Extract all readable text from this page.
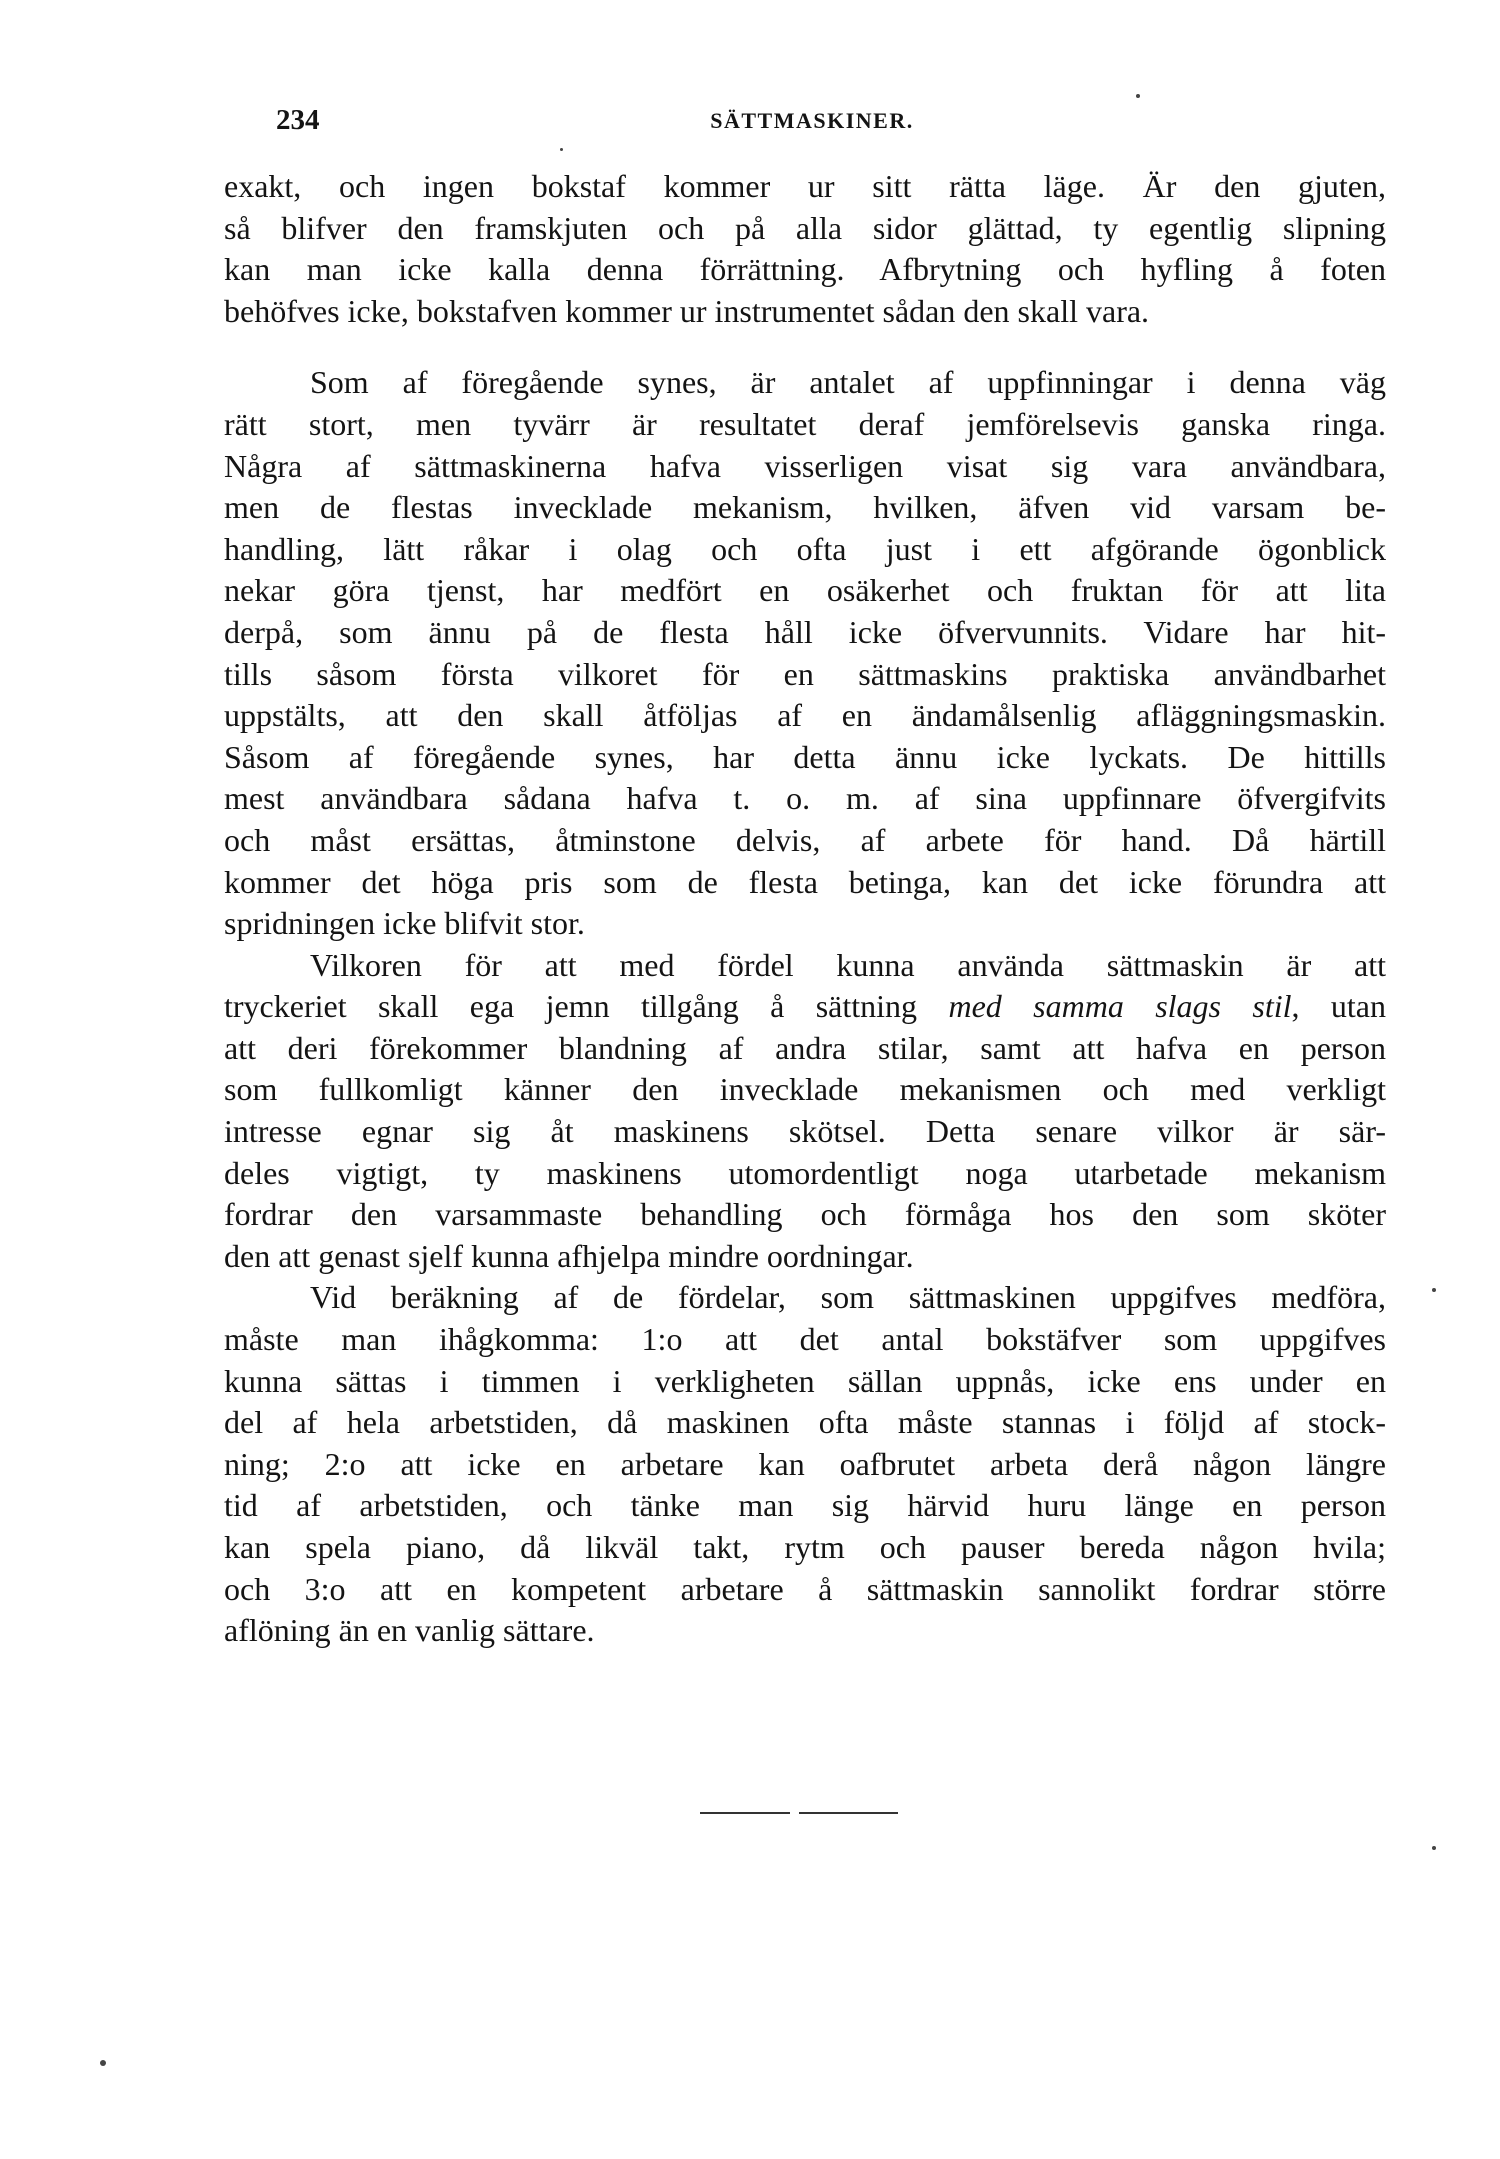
234	SÄTTMASKINER.
exakt, och ingen bokstaf kommer ur sitt rätta läge. Är den gjuten,
så blifver den framskjuten och på alla sidor glättad, ty egentlig slipning
kan man icke kalla denna förrättning. Afbrytning och hyfling å foten
behöfves icke, bokstafven kommer ur instrumentet sådan den skall vara.
Som af föregående synes, är antalet af uppfinningar i denna väg
rätt stort, men tyvärr är resultatet deraf jemförelsevis ganska ringa.
Några af sättmaskinerna hafva visserligen visat sig vara användbara,
men de flestas invecklade mekanism, hvilken, äfven vid varsam be-
handling, lätt råkar i olag och ofta just i ett afgörande ögonblick
nekar göra tjenst, har medfört en osäkerhet och fruktan för att lita
derpå, som ännu på de flesta håll icke öfvervunnits. Vidare har hit-
tills såsom första vilkoret för en sättmaskins praktiska användbarhet
uppstälts, att den skall åtföljas af en ändamålsenlig afläggningsmaskin.
Såsom af föregående synes, har detta ännu icke lyckats. De hittills
mest användbara sådana hafva t. o. m. af sina uppfinnare öfvergifvits
och måst ersättas, åtminstone delvis, af arbete för hand. Då härtill
kommer det höga pris som de flesta betinga, kan det icke förundra att
spridningen icke blifvit stor.
Vilkoren för att med fördel kunna använda sättmaskin är att
tryckeriet skall ega jemn tillgång å sättning med samma slags stil, utan
att deri förekommer blandning af andra stilar, samt att hafva en person
som fullkomligt känner den invecklade mekanismen och med verkligt
intresse egnar sig åt maskinens skötsel. Detta senare vilkor är sär-
deles vigtigt, ty maskinens utomordentligt noga utarbetade mekanism
fordrar den varsammaste behandling och förmåga hos den som sköter
den att genast sjelf kunna afhjelpa mindre oordningar.
Vid beräkning af de fördelar, som sättmaskinen uppgifves medföra,
måste man ihågkomma: 1:o att det antal bokstäfver som uppgifves
kunna sättas i timmen i verkligheten sällan uppnås, icke ens under en
del af hela arbetstiden, då maskinen ofta måste stannas i följd af stock-
ning; 2:o att icke en arbetare kan oafbrutet arbeta derå någon längre
tid af arbetstiden, och tänke man sig härvid huru länge en person
kan spela piano, då likväl takt, rytm och pauser bereda någon hvila;
och 3:o att en kompetent arbetare å sättmaskin sannolikt fordrar större
aflöning än en vanlig sättare.
